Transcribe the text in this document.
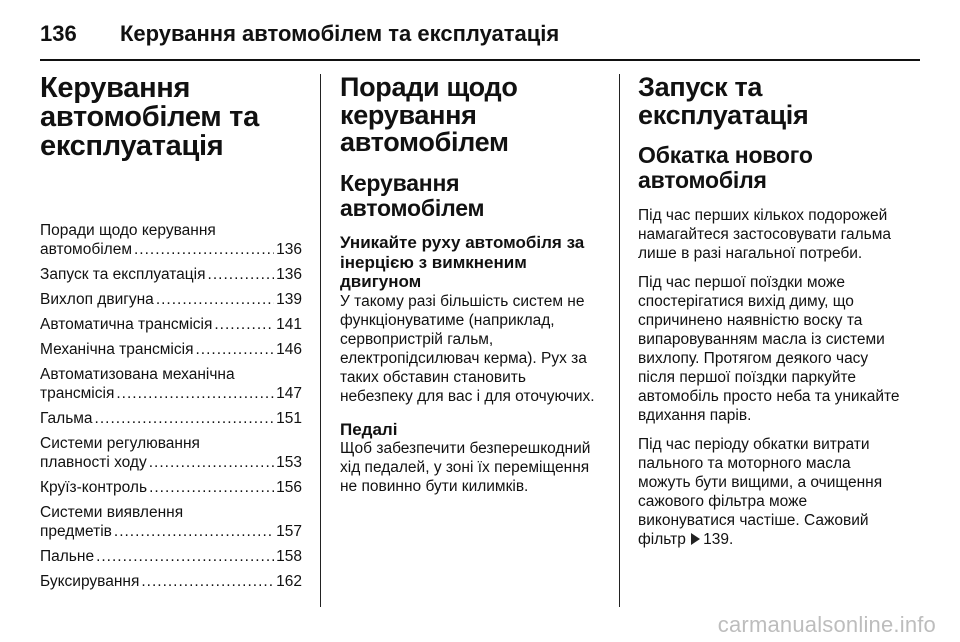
136	Керування автомобілем та експлуатація
Керування автомобілем та експлуатація
Поради щодо керування
автомобілем .....	136
Запуск та експлуатація .....	136
Вихлоп двигуна .....	139
Автоматична трансмісія .....	141
Механічна трансмісія .....	146
Автоматизована механічна
трансмісія .....	147
Гальма .....	151
Системи регулювання
плавності ходу .....	153
Круїз-контроль .....	156
Системи виявлення
предметів .....	157
Пальне .....	158
Буксирування .....	162
Поради щодо керування автомобілем
Керування автомобілем
Уникайте руху автомобіля за інерцією з вимкненим двигуном

У такому разі більшість систем не функціонуватиме (наприклад, сервопристрій гальм, електропідсилювач керма). Рух за таких обставин становить небезпеку для вас і для оточуючих.

Педалі

Щоб забезпечити безперешкодний хід педалей, у зоні їх переміщення не повинно бути килимків.

Запуск та експлуатація
Обкатка нового автомобіля

Під час перших кількох подорожей намагайтеся застосовувати гальма лише в разі нагальної потреби.

Під час першої поїздки може спостерігатися вихід диму, що спричинено наявністю воску та випаровуванням масла із системи вихлопу. Протягом деякого часу після першої поїздки паркуйте автомобіль просто неба та уникайте вдихання парів.

Під час періоду обкатки витрати пального та моторного масла можуть бути вищими, а очищення сажового фільтра може виконуватися частіше. Сажовий фільтр 139.

carmanualsonline.info
